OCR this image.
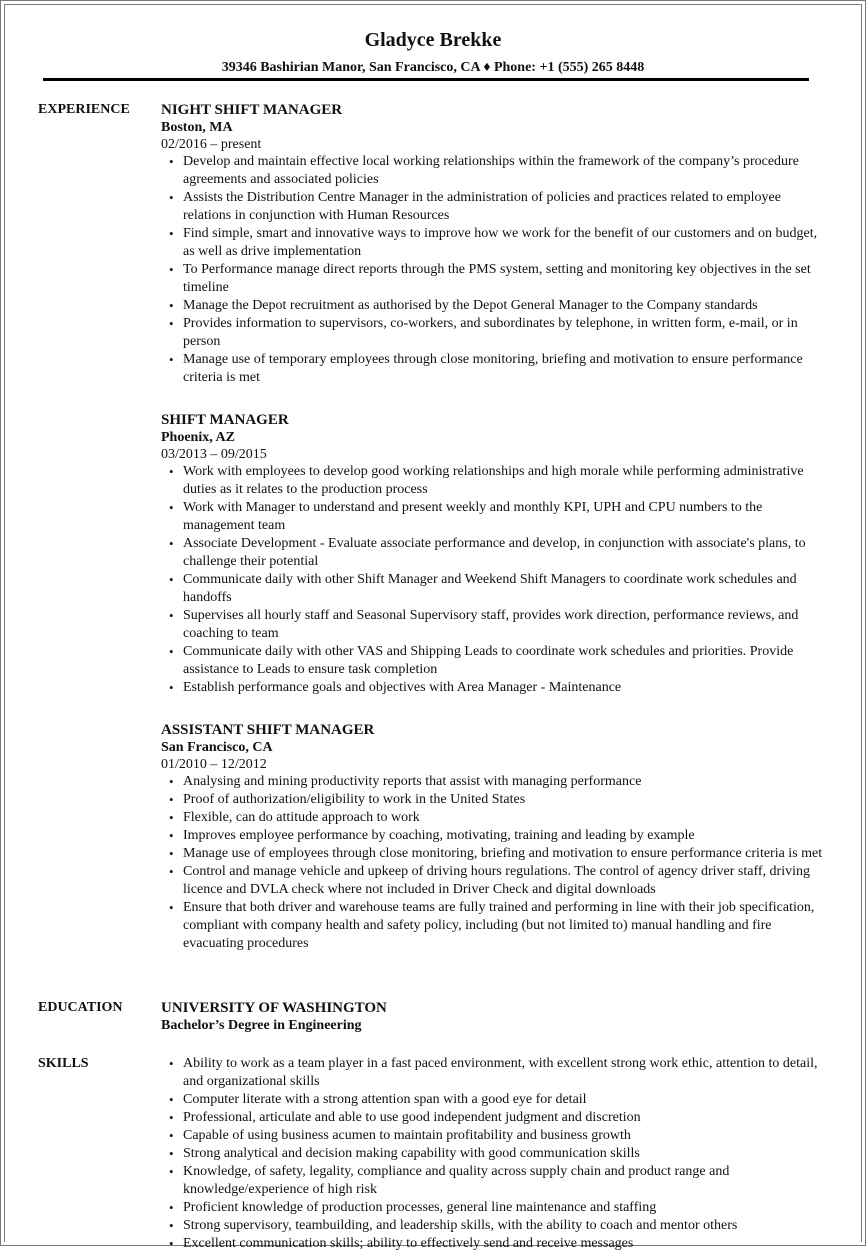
Gladyce Brekke
39346 Bashirian Manor, San Francisco, CA ♦ Phone: +1 (555) 265 8448
EXPERIENCE NIGHT SHIFT MANAGER
Boston, MA
02/2016 – present
• Develop and maintain effective local working relationships within the framework of the company’s procedure agreements and associated policies
• Assists the Distribution Centre Manager in the administration of policies and practices related to employee relations in conjunction with Human Resources
• Find simple, smart and innovative ways to improve how we work for the benefit of our customers and on budget, as well as drive implementation
• To Performance manage direct reports through the PMS system, setting and monitoring key objectives in the set timeline
• Manage the Depot recruitment as authorised by the Depot General Manager to the Company standards
• Provides information to supervisors, co-workers, and subordinates by telephone, in written form, e-mail, or in person
• Manage use of temporary employees through close monitoring, briefing and motivation to ensure performance criteria is met
SHIFT MANAGER
Phoenix, AZ
03/2013 – 09/2015
• Work with employees to develop good working relationships and high morale while performing administrative duties as it relates to the production process
• Work with Manager to understand and present weekly and monthly KPI, UPH and CPU numbers to the management team
• Associate Development - Evaluate associate performance and develop, in conjunction with associate's plans, to challenge their potential
• Communicate daily with other Shift Manager and Weekend Shift Managers to coordinate work schedules and handoffs
• Supervises all hourly staff and Seasonal Supervisory staff, provides work direction, performance reviews, and coaching to team
• Communicate daily with other VAS and Shipping Leads to coordinate work schedules and priorities. Provide assistance to Leads to ensure task completion
• Establish performance goals and objectives with Area Manager - Maintenance
ASSISTANT SHIFT MANAGER
San Francisco, CA
01/2010 – 12/2012
• Analysing and mining productivity reports that assist with managing performance
• Proof of authorization/eligibility to work in the United States
• Flexible, can do attitude approach to work
• Improves employee performance by coaching, motivating, training and leading by example
• Manage use of employees through close monitoring, briefing and motivation to ensure performance criteria is met
• Control and manage vehicle and upkeep of driving hours regulations. The control of agency driver staff, driving licence and DVLA check where not included in Driver Check and digital downloads
• Ensure that both driver and warehouse teams are fully trained and performing in line with their job specification, compliant with company health and safety policy, including (but not limited to) manual handling and fire evacuating procedures
EDUCATION	UNIVERSITY OF WASHINGTON
Bachelor’s Degree in Engineering
SKILLS	• Ability to work as a team player in a fast paced environment, with excellent strong work ethic, attention to detail, and organizational skills
• Computer literate with a strong attention span with a good eye for detail
• Professional, articulate and able to use good independent judgment and discretion
• Capable of using business acumen to maintain profitability and business growth
• Strong analytical and decision making capability with good communication skills
• Knowledge, of safety, legality, compliance and quality across supply chain and product range and knowledge/experience of high risk
• Proficient knowledge of production processes, general line maintenance and staffing
• Strong supervisory, teambuilding, and leadership skills, with the ability to coach and mentor others
• Excellent communication skills; ability to effectively send and receive messages
